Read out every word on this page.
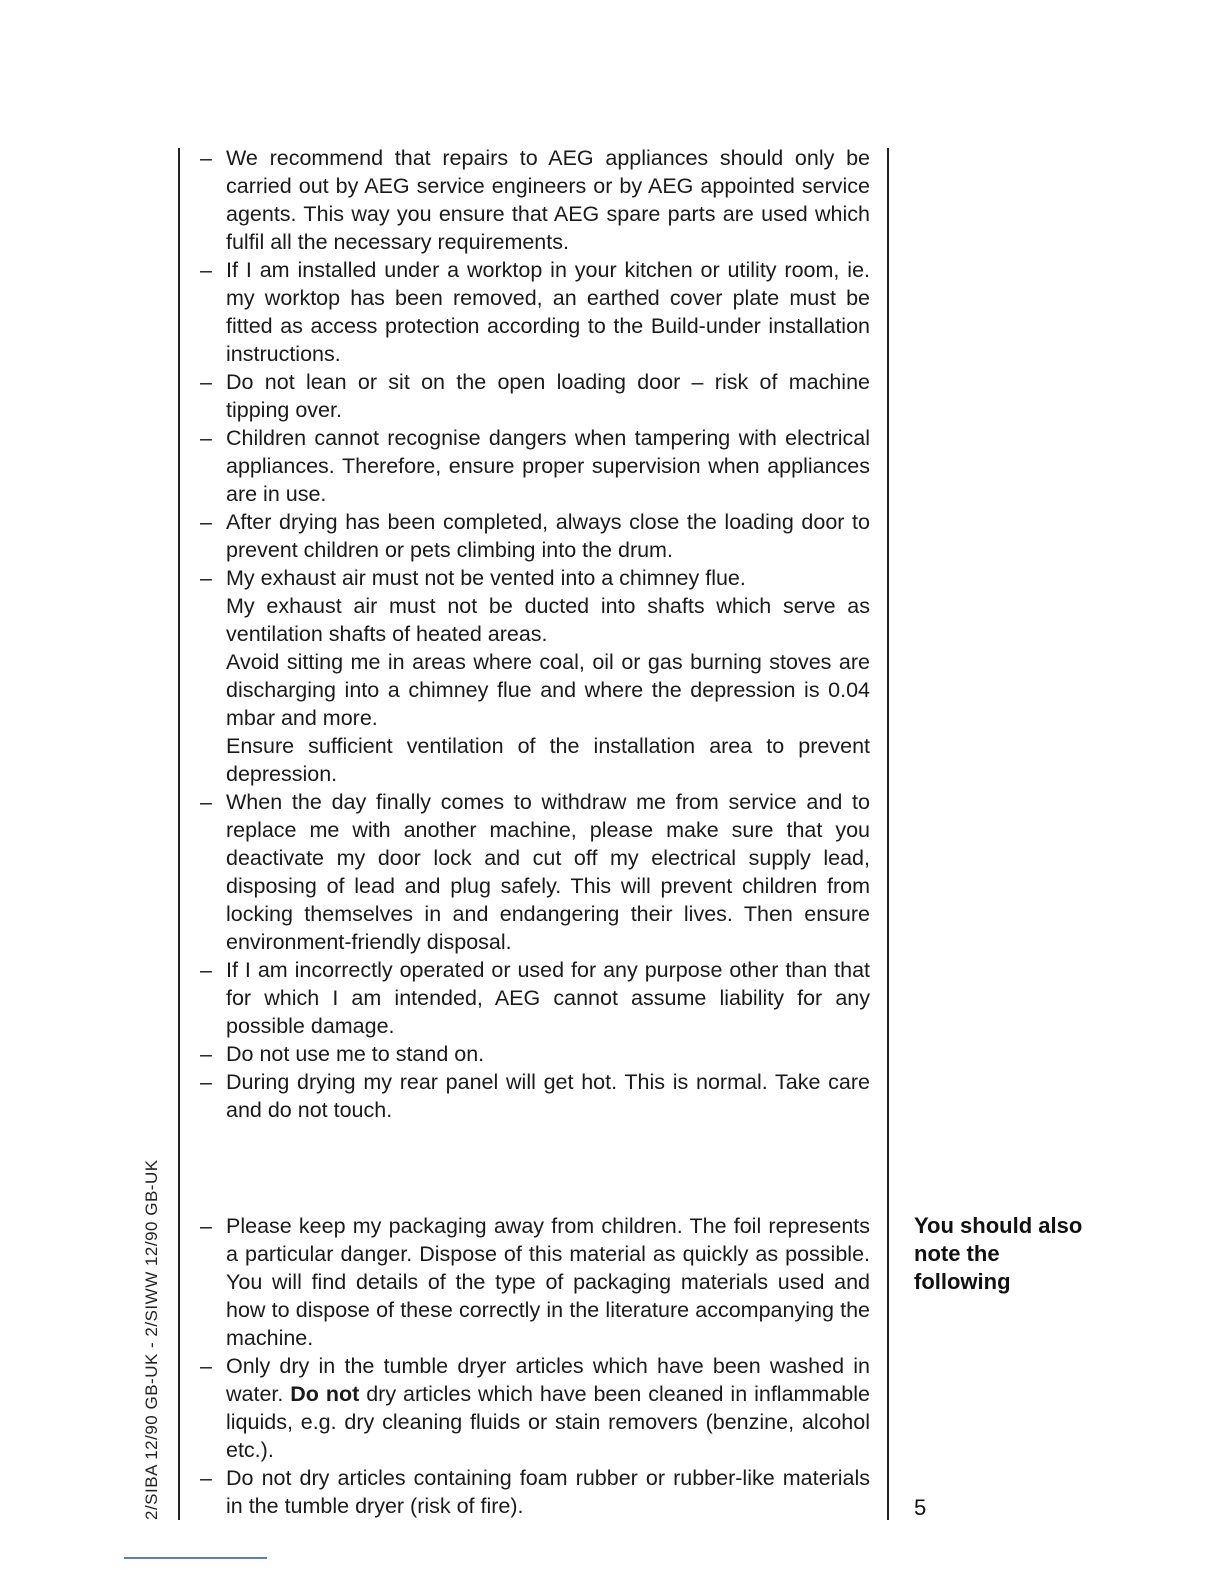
2/SIBA 12/90 GB-UK - 2/SIWW 12/90 GB-UK
– We recommend that repairs to AEG appliances should only be carried out by AEG service engineers or by AEG appointed service agents. This way you ensure that AEG spare parts are used which fulfil all the necessary requirements.

– If I am installed under a worktop in your kitchen or utility room, ie. my worktop has been removed, an earthed cover plate must be fitted as access protection according to the Build-under installation instructions.

– Do not lean or sit on the open loading door – risk of machine tipping over.

– Children cannot recognise dangers when tampering with electrical appliances. Therefore, ensure proper supervision when appliances are in use.

– After drying has been completed, always close the loading door to prevent children or pets climbing into the drum.

– My exhaust air must not be vented into a chimney flue.

My exhaust air must not be ducted into shafts which serve as ventilation shafts of heated areas.

Avoid sitting me in areas where coal, oil or gas burning stoves are discharging into a chimney flue and where the depression is 0.04 mbar and more.

Ensure sufficient ventilation of the installation area to prevent depression.

– When the day finally comes to withdraw me from service and to replace me with another machine, please make sure that you deactivate my door lock and cut off my electrical supply lead, disposing of lead and plug safely. This will prevent children from locking themselves in and endangering their lives. Then ensure environment-friendly disposal.

– If I am incorrectly operated or used for any purpose other than that for which I am intended, AEG cannot assume liability for any possible damage.

– Do not use me to stand on.

– During drying my rear panel will get hot. This is normal. Take care and do not touch.

– Please keep my packaging away from children. The foil represents a particular danger. Dispose of this material as quickly as possible. You will find details of the type of packaging materials used and how to dispose of these correctly in the literature accompanying the machine.

– Only dry in the tumble dryer articles which have been washed in water. Do not dry articles which have been cleaned in inflammable liquids, e.g. dry cleaning fluids or stain removers (benzine, alcohol etc.).

– Do not dry articles containing foam rubber or rubber-like materials in the tumble dryer (risk of fire).

You should also
note the
following
5
